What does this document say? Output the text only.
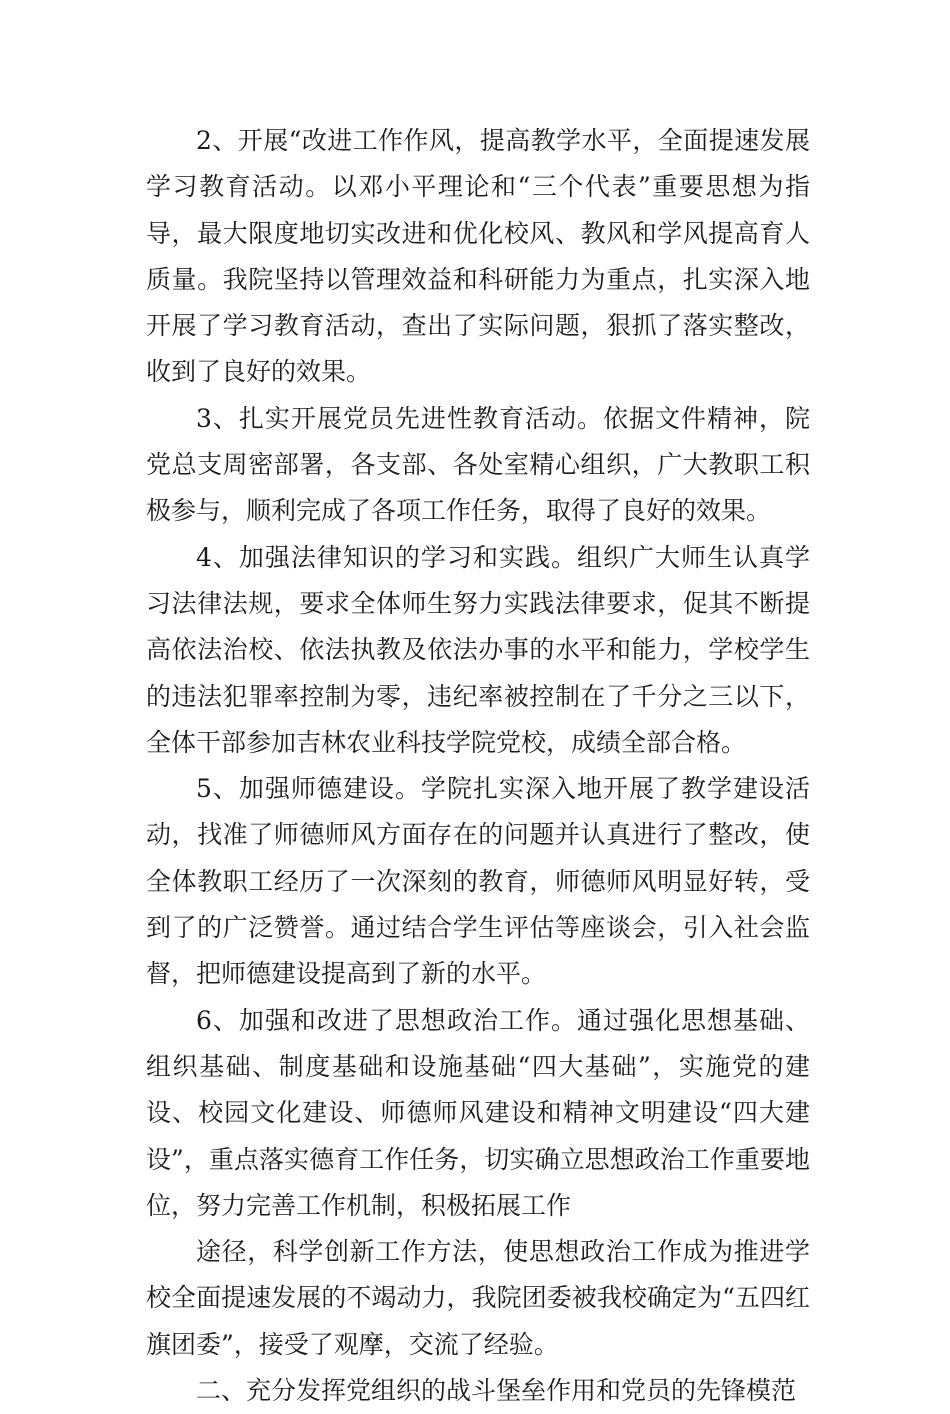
2、开展“改进工作作风，提高教学水平，全面提速发展学习教育活动。以邓小平理论和“三个代表”重要思想为指导，最大限度地切实改进和优化校风、教风和学风提高育人质量。我院坚持以管理效益和科研能力为重点，扎实深入地开展了学习教育活动，查出了实际问题，狠抓了落实整改，收到了良好的效果。

3、扎实开展党员先进性教育活动。依据文件精神，院党总支周密部署，各支部、各处室精心组织，广大教职工积极参与，顺利完成了各项工作任务，取得了良好的效果。

4、加强法律知识的学习和实践。组织广大师生认真学习法律法规，要求全体师生努力实践法律要求，促其不断提高依法治校、依法执教及依法办事的水平和能力，学校学生的违法犯罪率控制为零，违纪率被控制在了千分之三以下，全体干部参加吉林农业科技学院党校，成绩全部合格。

5、加强师德建设。学院扎实深入地开展了教学建设活动，找准了师德师风方面存在的问题并认真进行了整改，使全体教职工经历了一次深刻的教育，师德师风明显好转，受到了的广泛赞誉。通过结合学生评估等座谈会，引入社会监督，把师德建设提高到了新的水平。

6、加强和改进了思想政治工作。通过强化思想基础、组织基础、制度基础和设施基础“四大基础”，实施党的建设、校园文化建设、师德师风建设和精神文明建设“四大建设”，重点落实德育工作任务，切实确立思想政治工作重要地位，努力完善工作机制，积极拓展工作

途径，科学创新工作方法，使思想政治工作成为推进学校全面提速发展的不竭动力，我院团委被我校确定为“五四红旗团委”，接受了观摩，交流了经验。

二、充分发挥党组织的战斗堡垒作用和党员的先锋模范
